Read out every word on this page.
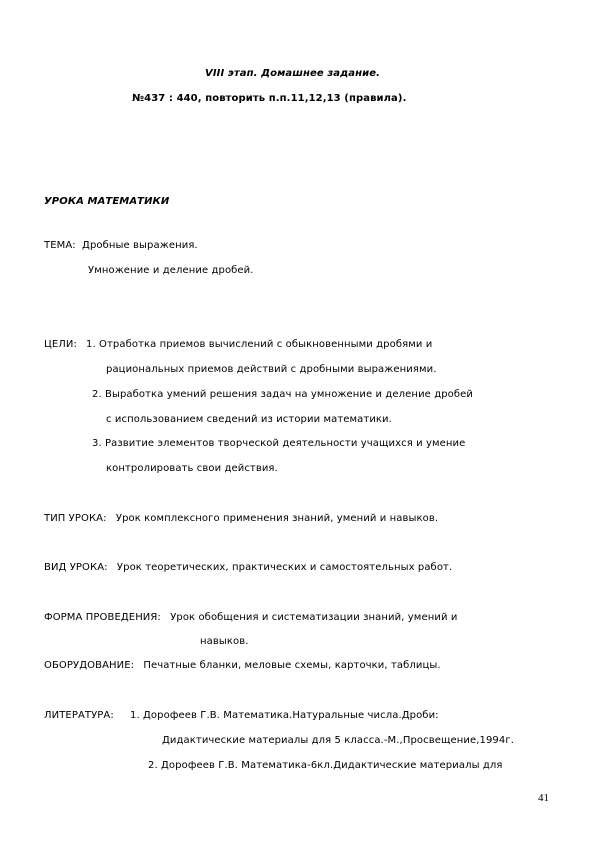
VIII этап. Домашнее задание.
№437 : 440, повторить п.п.11,12,13 (правила).
УРОКА МАТЕМАТИКИ
ТЕМА: Дробные выражения.
Умножение и деление дробей.
ЦЕЛИ: 1. Отработка приемов вычислений с обыкновенными дробями и
рациональных приемов действий с дробными выражениями.
2. Выработка умений решения задач на умножение и деление дробей
с использованием сведений из истории математики.
3. Развитие элементов творческой деятельности учащихся и умение
контролировать свои действия.
ТИП УРОКА: Урок комплексного применения знаний, умений и навыков.
ВИД УРОКА: Урок теоретических, практических и самостоятельных работ.
ФОРМА ПРОВЕДЕНИЯ: Урок обобщения и систематизации знаний, умений и
навыков.
ОБОРУДОВАНИЕ: Печатные бланки, меловые схемы, карточки, таблицы.
ЛИТЕРАТУРА: 1. Дорофеев Г.В. Математика.Натуральные числа.Дроби:
Дидактические материалы для 5 класса.-М.,Просвещение,1994г.
2. Дорофеев Г.В. Математика-6кл.Дидактические материалы для
41
